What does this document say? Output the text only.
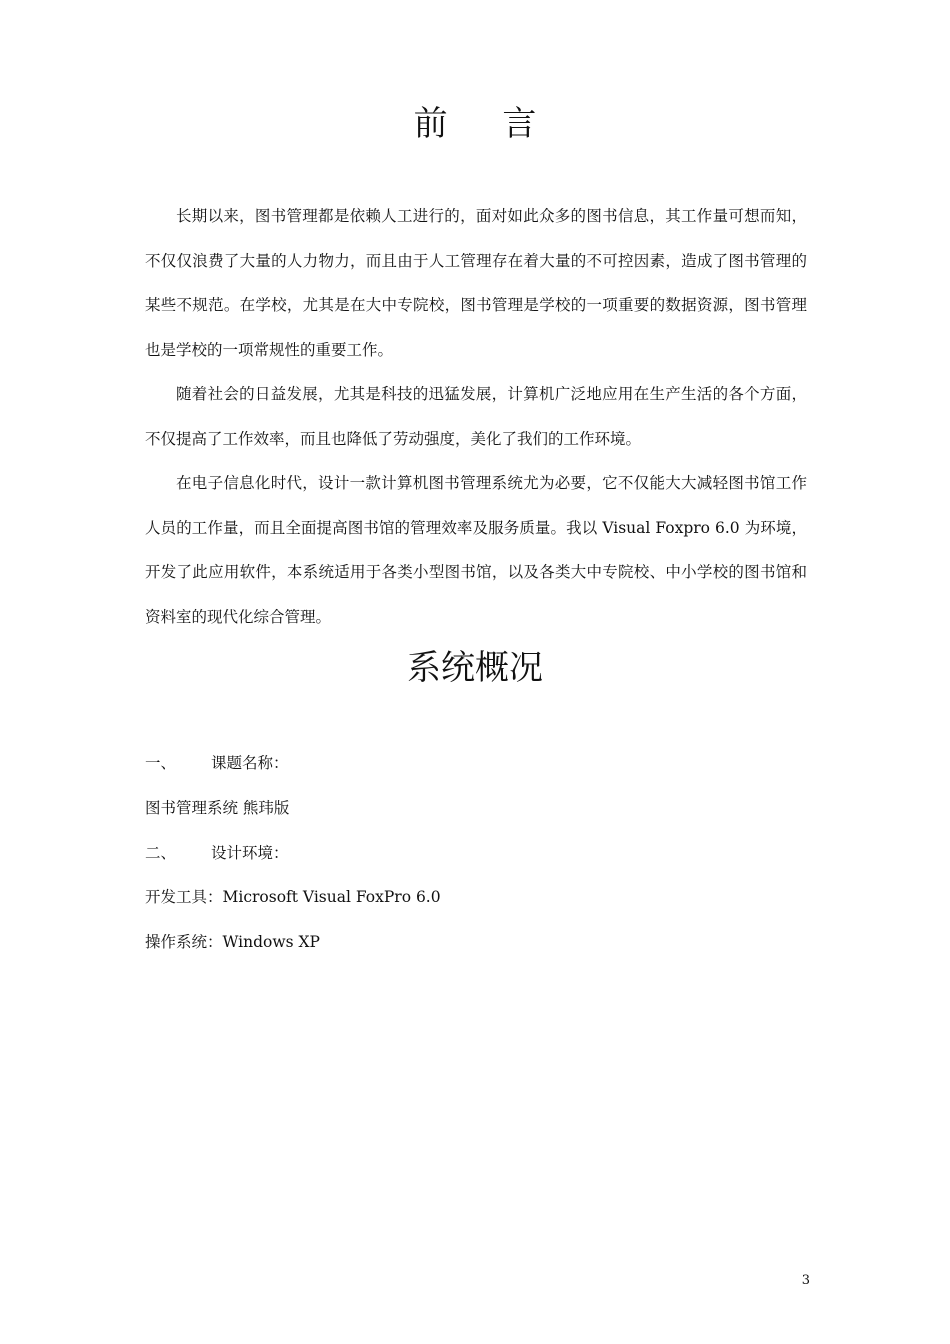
前 言

长期以来，图书管理都是依赖人工进行的，面对如此众多的图书信息，其工作量可想而知，不仅仅浪费了大量的人力物力，而且由于人工管理存在着大量的不可控因素，造成了图书管理的某些不规范。在学校，尤其是在大中专院校，图书管理是学校的一项重要的数据资源，图书管理也是学校的一项常规性的重要工作。

随着社会的日益发展，尤其是科技的迅猛发展，计算机广泛地应用在生产生活的各个方面，不仅提高了工作效率，而且也降低了劳动强度，美化了我们的工作环境。

在电子信息化时代，设计一款计算机图书管理系统尤为必要，它不仅能大大减轻图书馆工作人员的工作量，而且全面提高图书馆的管理效率及服务质量。我以 Visual Foxpro 6.0 为环境，开发了此应用软件，本系统适用于各类小型图书馆，以及各类大中专院校、中小学校的图书馆和资料室的现代化综合管理。

系统概况
一、 课题名称：
图书管理系统 熊玮版
二、 设计环境：
开发工具：Microsoft Visual FoxPro 6.0
操作系统：Windows XP
3
